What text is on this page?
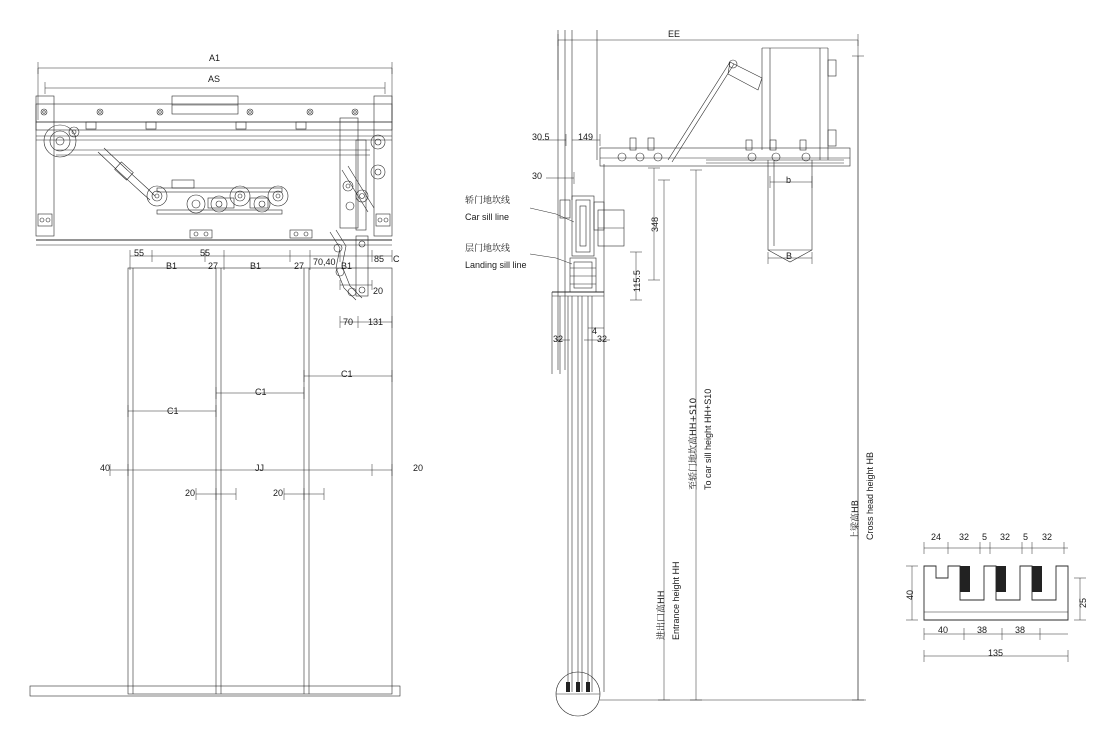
A1
AS
55	55
27	27
B1	B1	B1
70,40	85 C
20
70 131
C1
C1
C1
40	JJ	20
20	20
EE
30.5	149
30	b
B
4
32	32
348
115.5
轿门地坎线
Car sill line
层门地坎线
Landing sill line
进出口高HH Entrance height HH
至轿门地坎高HH+S10 To car sill height HH+S10
上梁高HB Cross head height HB	24 32 5 32 5 32
40
25
40	38	38
135
